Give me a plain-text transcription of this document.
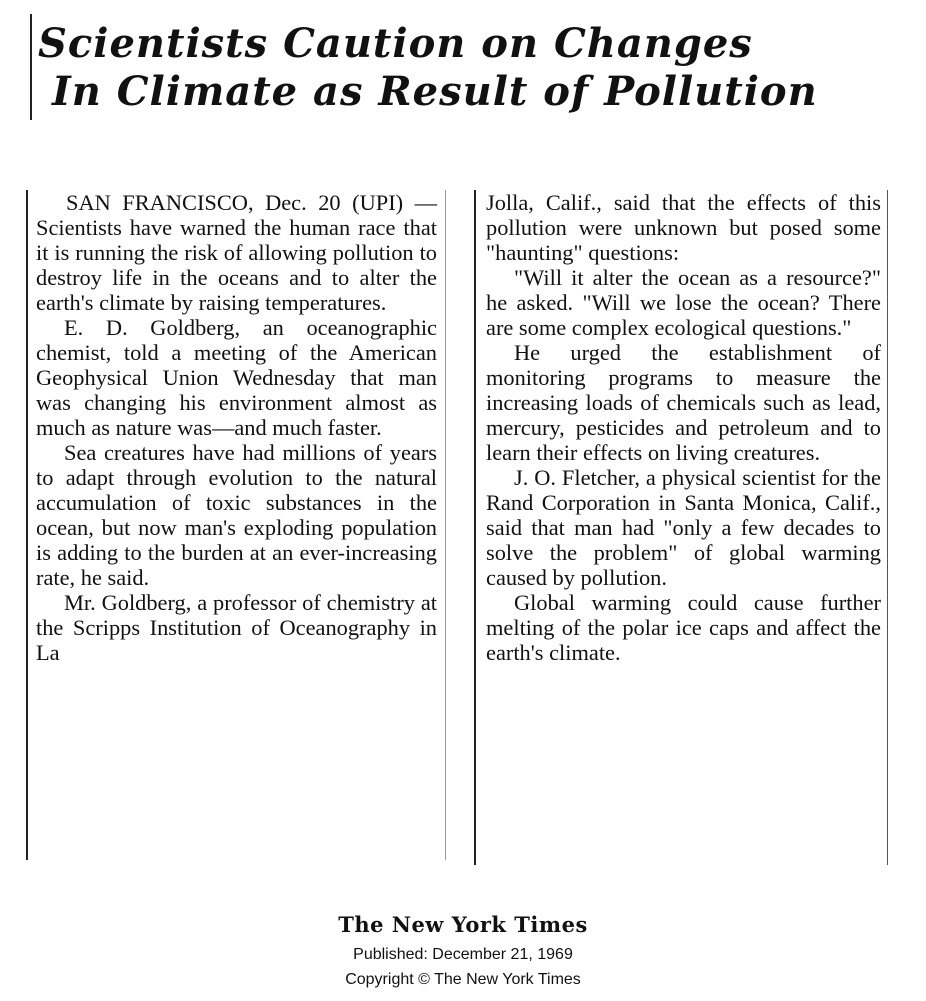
Scientists Caution on Changes
In Climate as Result of Pollution

SAN FRANCISCO, Dec. 20 (UPI) — Scientists have warned the human race that it is running the risk of allowing pollution to destroy life in the oceans and to alter the earth's climate by raising temperatures.

E. D. Goldberg, an oceanographic chemist, told a meeting of the American Geophysical Union Wednesday that man was changing his environment almost as much as nature was—and much faster.

Sea creatures have had millions of years to adapt through evolution to the natural accumulation of toxic substances in the ocean, but now man's exploding population is adding to the burden at an ever-increasing rate, he said.

Mr. Goldberg, a professor of chemistry at the Scripps Institution of Oceanography in La

Jolla, Calif., said that the effects of this pollution were unknown but posed some "haunting" questions:

"Will it alter the ocean as a resource?" he asked. "Will we lose the ocean? There are some complex ecological questions."

He urged the establishment of monitoring programs to measure the increasing loads of chemicals such as lead, mercury, pesticides and petroleum and to learn their effects on living creatures.

J. O. Fletcher, a physical scientist for the Rand Corporation in Santa Monica, Calif., said that man had "only a few decades to solve the problem" of global warming caused by pollution.

Global warming could cause further melting of the polar ice caps and affect the earth's climate.

The New York Times
Published: December 21, 1969
Copyright © The New York Times
